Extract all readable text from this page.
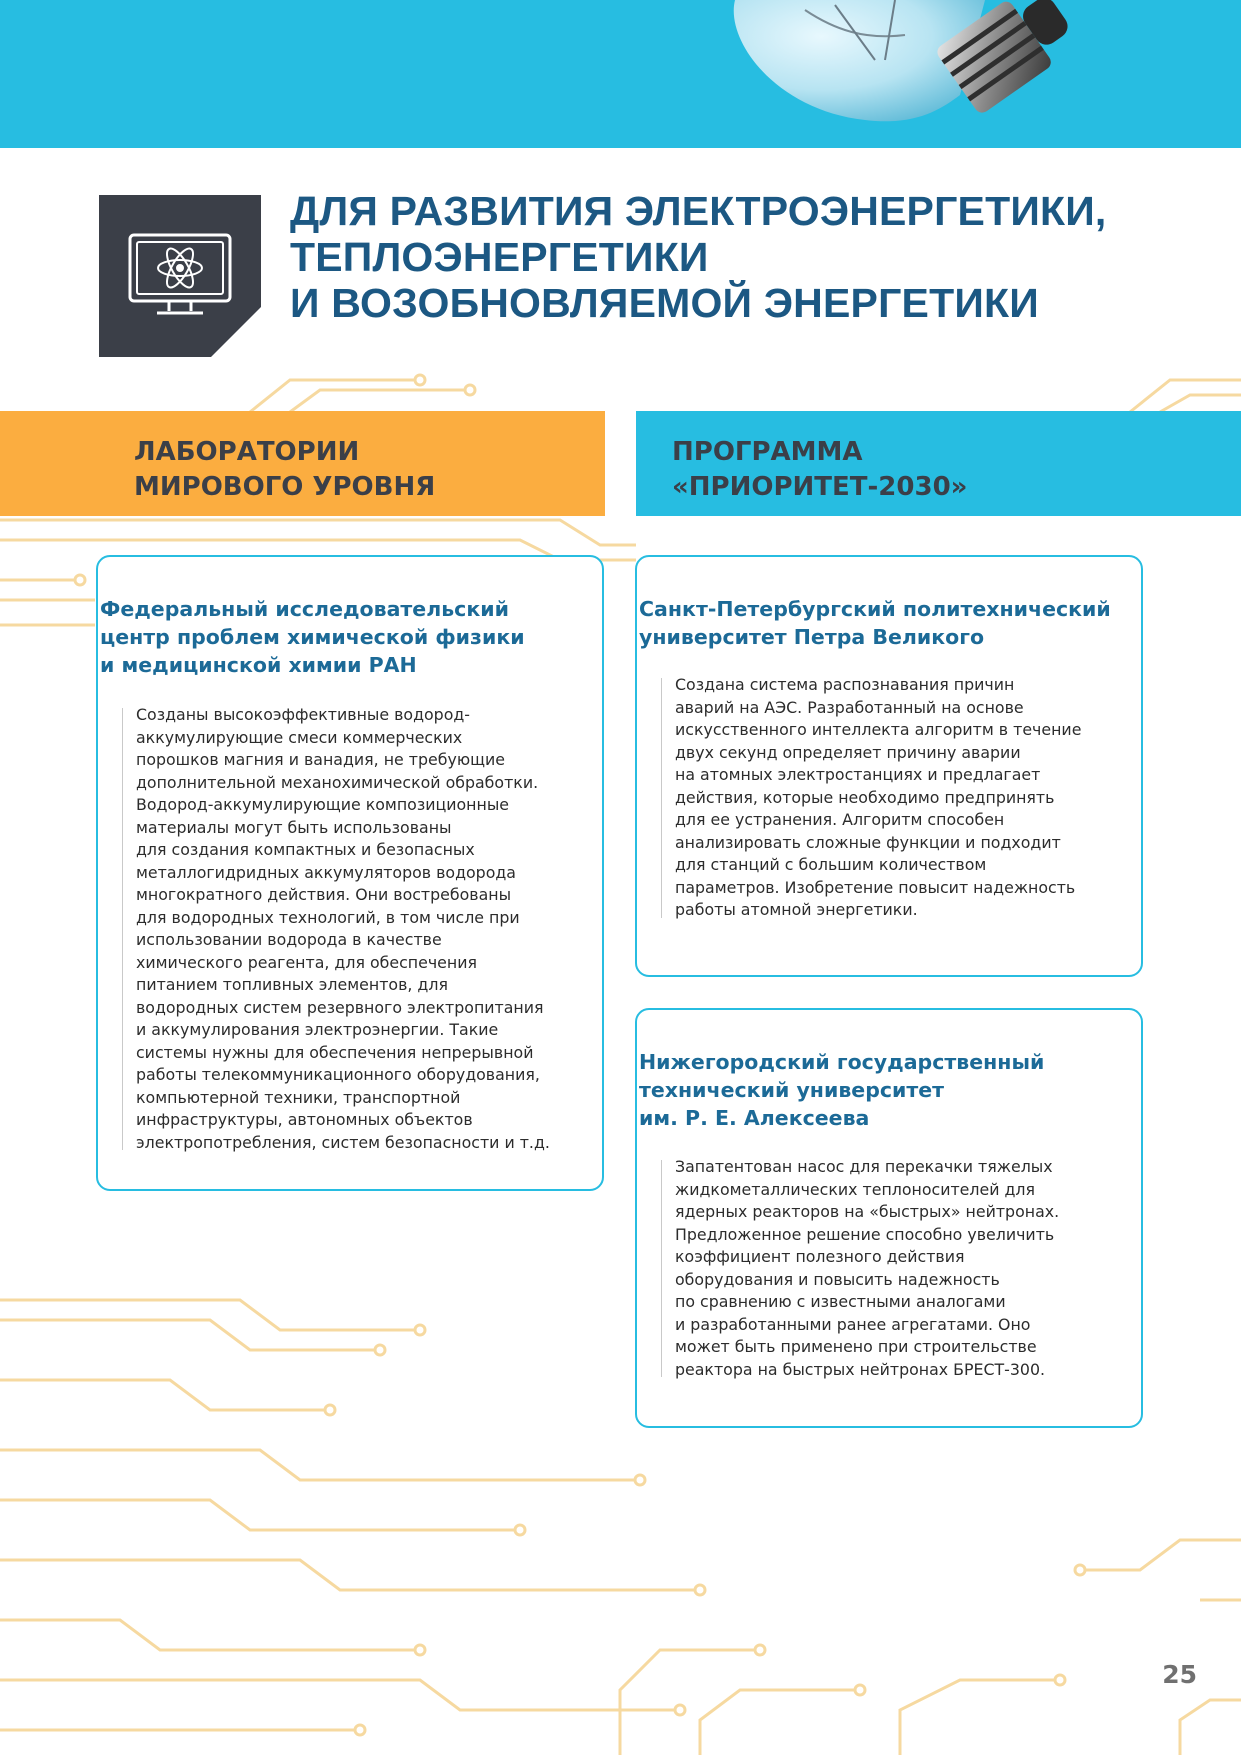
ДЛЯ РАЗВИТИЯ ЭЛЕКТРОЭНЕРГЕТИКИ,
ТЕПЛОЭНЕРГЕТИКИ
И ВОЗОБНОВЛЯЕМОЙ ЭНЕРГЕТИКИ
ЛАБОРАТОРИИ
МИРОВОГО УРОВНЯ
ПРОГРАММА
«ПРИОРИТЕТ-2030»
Федеральный исследовательский
центр проблем химической физики
и медицинской химии РАН
Созданы высокоэффективные водород-
аккумулирующие смеси коммерческих
порошков магния и ванадия, не требующие
дополнительной механохимической обработки.
Водород-аккумулирующие композиционные
материалы могут быть использованы
для создания компактных и безопасных
металлогидридных аккумуляторов водорода
многократного действия. Они востребованы
для водородных технологий, в том числе при
использовании водорода в качестве
химического реагента, для обеспечения
питанием топливных элементов, для
водородных систем резервного электропитания
и аккумулирования электроэнергии. Такие
системы нужны для обеспечения непрерывной
работы телекоммуникационного оборудования,
компьютерной техники, транспортной
инфраструктуры, автономных объектов
электропотребления, систем безопасности и т.д.
Санкт-Петербургский политехнический
университет Петра Великого
Создана система распознавания причин
аварий на АЭС. Разработанный на основе
искусственного интеллекта алгоритм в течение
двух секунд определяет причину аварии
на атомных электростанциях и предлагает
действия, которые необходимо предпринять
для ее устранения. Алгоритм способен
анализировать сложные функции и подходит
для станций с большим количеством
параметров. Изобретение повысит надежность
работы атомной энергетики.
Нижегородский государственный
технический университет
им. Р. Е. Алексеева
Запатентован насос для перекачки тяжелых
жидкометаллических теплоносителей для
ядерных реакторов на «быстрых» нейтронах.
Предложенное решение способно увеличить
коэффициент полезного действия
оборудования и повысить надежность
по сравнению с известными аналогами
и разработанными ранее агрегатами. Оно
может быть применено при строительстве
реактора на быстрых нейтронах БРЕСТ-300.
25
